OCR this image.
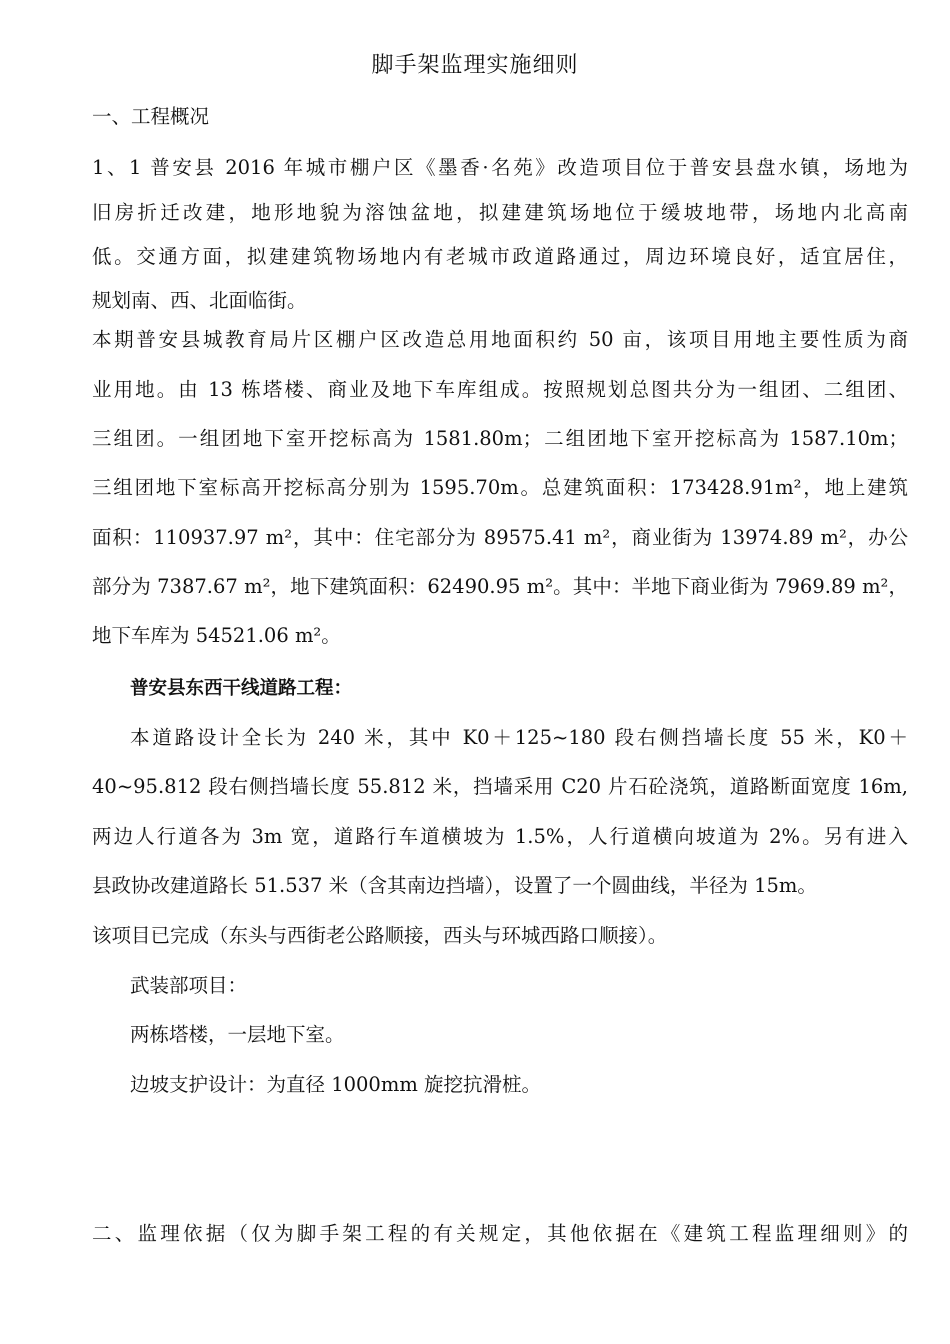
脚手架监理实施细则
一、工程概况
1、1 普安县 2016 年城市棚户区《墨香·名苑》改造项目位于普安县盘水镇，场地为
旧房折迁改建，地形地貌为溶蚀盆地，拟建建筑场地位于缓坡地带，场地内北高南
低。交通方面，拟建建筑物场地内有老城市政道路通过，周边环境良好，适宜居住，
规划南、西、北面临街。
本期普安县城教育局片区棚户区改造总用地面积约 50 亩，该项目用地主要性质为商
业用地。由 13 栋塔楼、商业及地下车库组成。按照规划总图共分为一组团、二组团、
三组团。一组团地下室开挖标高为 1581.80m；二组团地下室开挖标高为 1587.10m；
三组团地下室标高开挖标高分别为 1595.70m。总建筑面积：173428.91m²，地上建筑
面积：110937.97 m²，其中：住宅部分为 89575.41 m²，商业街为 13974.89 m²，办公
部分为 7387.67 m²，地下建筑面积：62490.95 m²。其中：半地下商业街为 7969.89 m²，
地下车库为 54521.06 m²。
普安县东西干线道路工程：
本道路设计全长为 240 米，其中 K0＋125~180 段右侧挡墙长度 55 米，K0＋
40~95.812 段右侧挡墙长度 55.812 米，挡墙采用 C20 片石砼浇筑，道路断面宽度 16m,
两边人行道各为 3m 宽，道路行车道横坡为 1.5%，人行道横向坡道为 2%。另有进入
县政协改建道路长 51.537 米（含其南边挡墙），设置了一个圆曲线，半径为 15m。
该项目已完成（东头与西街老公路顺接，西头与环城西路口顺接）。
武装部项目：
两栋塔楼，一层地下室。
边坡支护设计：为直径 1000mm 旋挖抗滑桩。
二、监理依据（仅为脚手架工程的有关规定，其他依据在《建筑工程监理细则》的
